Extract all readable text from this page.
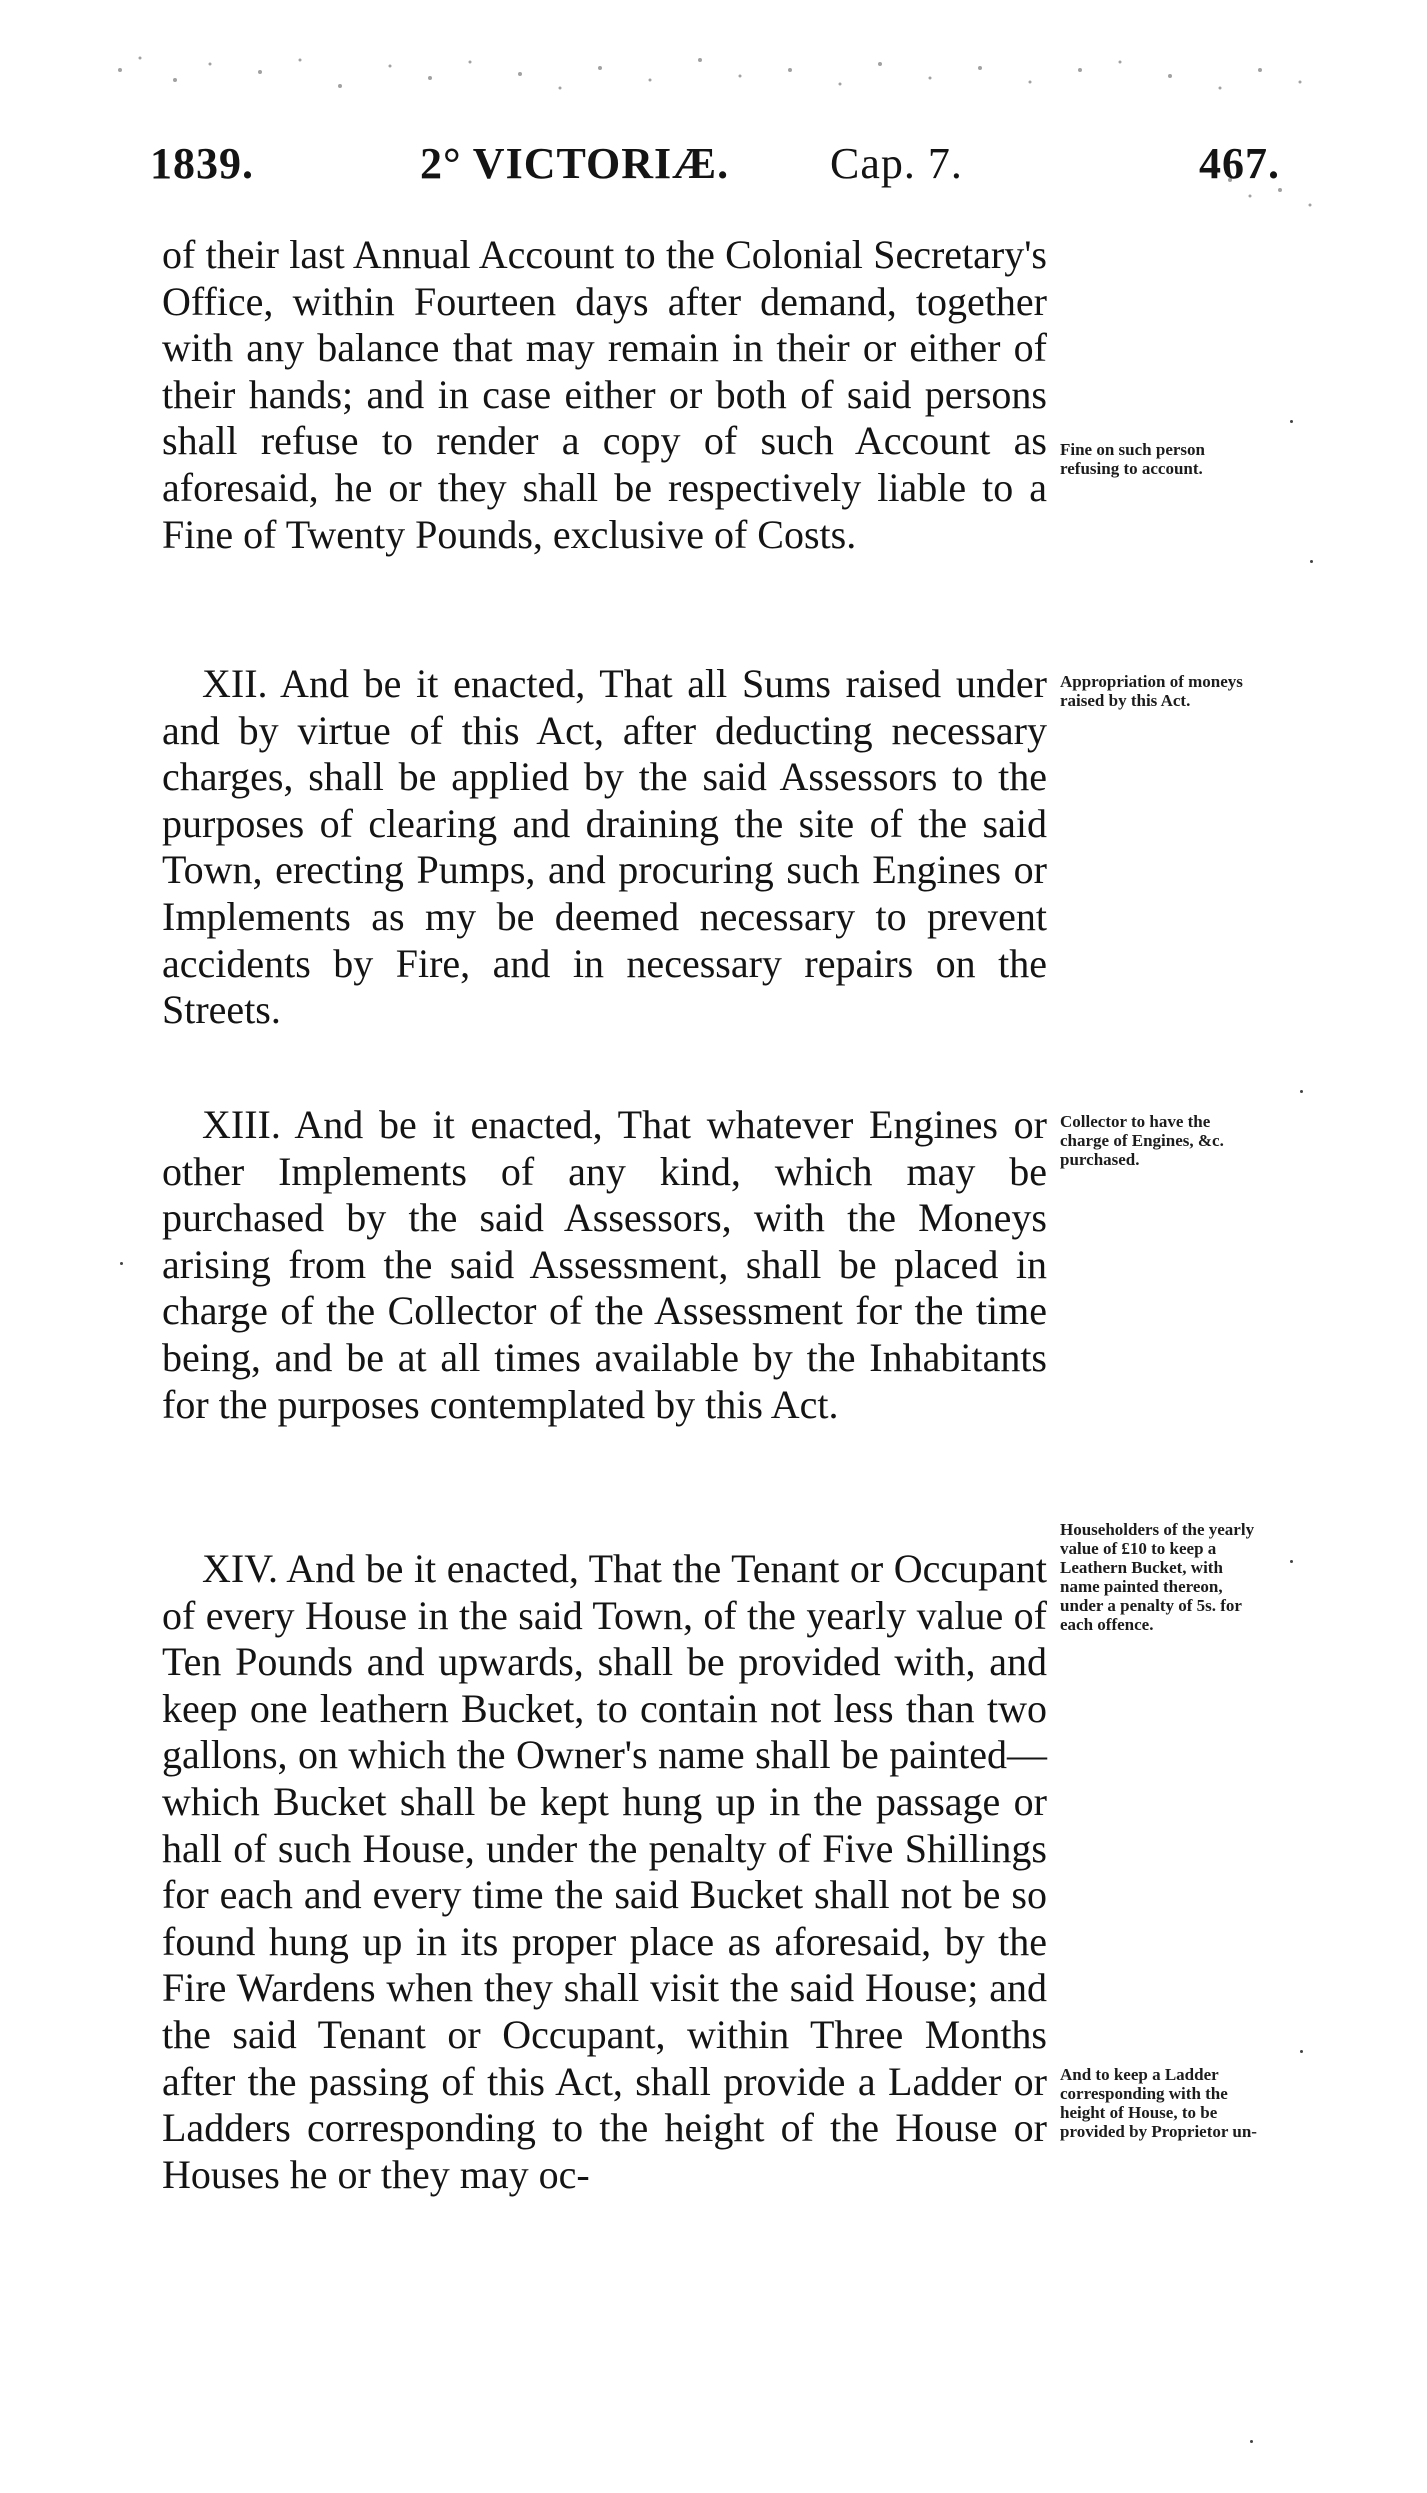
1839.	2° VICTORIÆ. Cap. 7.	467.

of their last Annual Account to the Colonial Secretary's Office, within Fourteen days after demand, together with any balance that may remain in their or either of their hands; and in case either or both of said persons shall refuse to render a copy of such Account as aforesaid, he or they shall be respectively liable to a Fine of Twenty Pounds, exclusive of Costs.

XII. And be it enacted, That all Sums raised under and by virtue of this Act, after deducting necessary charges, shall be applied by the said Assessors to the purposes of clearing and draining the site of the said Town, erecting Pumps, and procuring such Engines or Implements as my be deemed necessary to prevent accidents by Fire, and in necessary repairs on the Streets.

XIII. And be it enacted, That whatever Engines or other Implements of any kind, which may be purchased by the said Assessors, with the Moneys arising from the said Assessment, shall be placed in charge of the Collector of the Assessment for the time being, and be at all times available by the Inhabitants for the purposes contemplated by this Act.

XIV. And be it enacted, That the Tenant or Occupant of every House in the said Town, of the yearly value of Ten Pounds and upwards, shall be provided with, and keep one leathern Bucket, to contain not less than two gallons, on which the Owner's name shall be painted—which Bucket shall be kept hung up in the passage or hall of such House, under the penalty of Five Shillings for each and every time the said Bucket shall not be so found hung up in its proper place as aforesaid, by the Fire Wardens when they shall visit the said House; and the said Tenant or Occupant, within Three Months after the passing of this Act, shall provide a Ladder or Ladders corresponding to the height of the House or Houses he or they may oc-

Fine on such person refusing to account.
Appropriation of moneys raised by this Act.
Collector to have the charge of Engines, &c. purchased.
Householders of the yearly value of £10 to keep a Leathern Bucket, with name painted thereon, under a penalty of 5s. for each offence.
And to keep a Ladder corresponding with the height of House, to be provided by Proprietor un-
